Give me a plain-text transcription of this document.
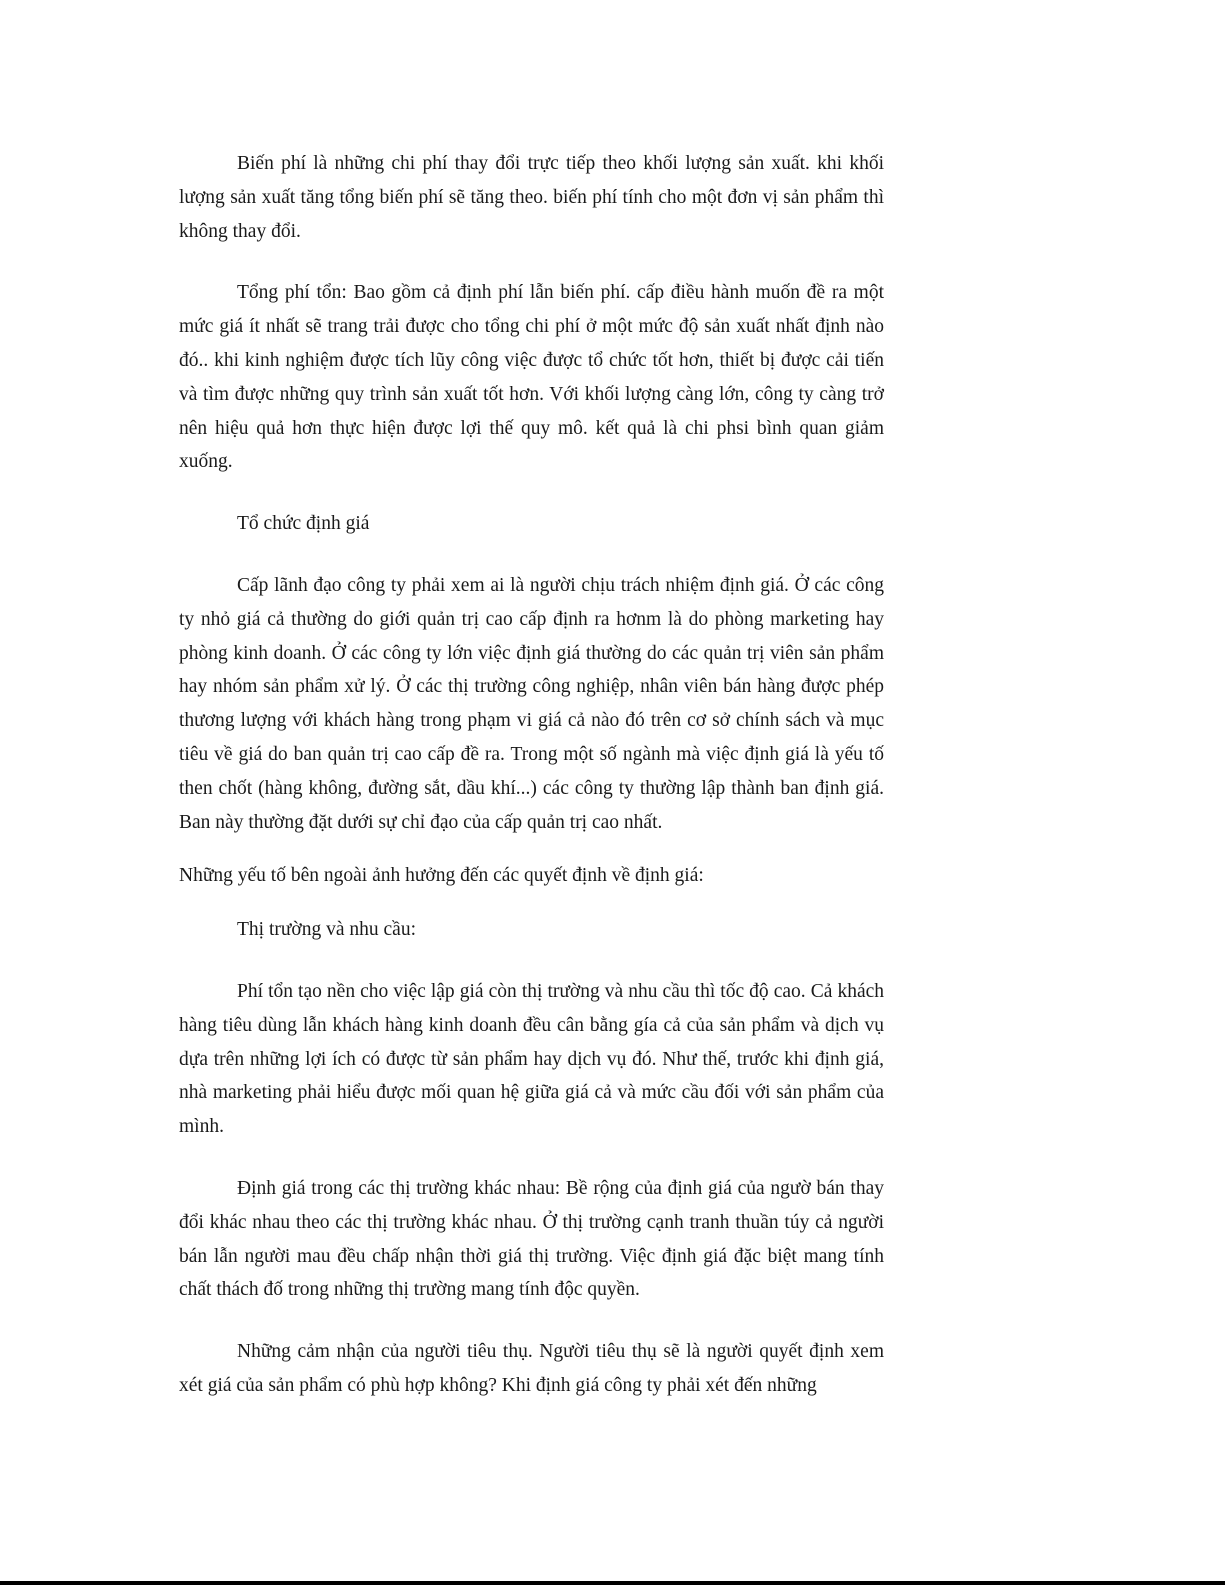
Biến phí là những chi phí thay đổi trực tiếp theo khối lượng sản xuất. khi khối lượng sản xuất tăng tổng biến phí sẽ tăng theo. biến phí tính cho một đơn vị sản phẩm thì không thay đổi.

Tổng phí tổn: Bao gồm cả định phí lẫn biến phí. cấp điều hành muốn đề ra một mức giá ít nhất sẽ trang trải được cho tổng chi phí ở một mức độ sản xuất nhất định nào đó.. khi kinh nghiệm được tích lũy công việc được tổ chức tốt hơn, thiết bị được cải tiến và tìm được những quy trình sản xuất tốt hơn. Với khối lượng càng lớn, công ty càng trở nên hiệu quả hơn thực hiện được lợi thế quy mô. kết quả là chi phsi bình quan giảm xuống.

Tổ chức định giá

Cấp lãnh đạo công ty phải xem ai là người chịu trách nhiệm định giá. Ở các công ty nhỏ giá cả thường do giới quản trị cao cấp định ra hơnm là do phòng marketing hay phòng kinh doanh. Ở các công ty lớn việc định giá thường do các quản trị viên sản phẩm hay nhóm sản phẩm xử lý. Ở các thị trường công nghiệp, nhân viên bán hàng được phép thương lượng với khách hàng trong phạm vi giá cả nào đó trên cơ sở chính sách và mục tiêu về giá do ban quản trị cao cấp đề ra. Trong một số ngành mà việc định giá là yếu tố then chốt (hàng không, đường sắt, dầu khí...) các công ty thường lập thành ban định giá. Ban này thường đặt dưới sự chỉ đạo của cấp quản trị cao nhất.

Những yếu tố bên ngoài ảnh hưởng đến các quyết định về định giá:

Thị trường và nhu cầu:

Phí tổn tạo nền cho việc lập giá còn thị trường và nhu cầu thì tốc độ cao. Cả khách hàng tiêu dùng lẫn khách hàng kinh doanh đều cân bằng gía cả của sản phẩm và dịch vụ dựa trên những lợi ích có được từ sản phẩm hay dịch vụ đó. Như thế, trước khi định giá, nhà marketing phải hiểu được mối quan hệ giữa giá cả và mức cầu đối với sản phẩm của mình.

Định giá trong các thị trường khác nhau: Bề rộng của định giá của ngườ bán thay đổi khác nhau theo các thị trường khác nhau. Ở thị trường cạnh tranh thuần túy cả người bán lẫn người mau đều chấp nhận thời giá thị trường. Việc định giá đặc biệt mang tính chất thách đố trong những thị trường mang tính độc quyền.

Những cảm nhận của người tiêu thụ. Người tiêu thụ sẽ là người quyết định xem xét giá của sản phẩm có phù hợp không? Khi định giá công ty phải xét đến những
